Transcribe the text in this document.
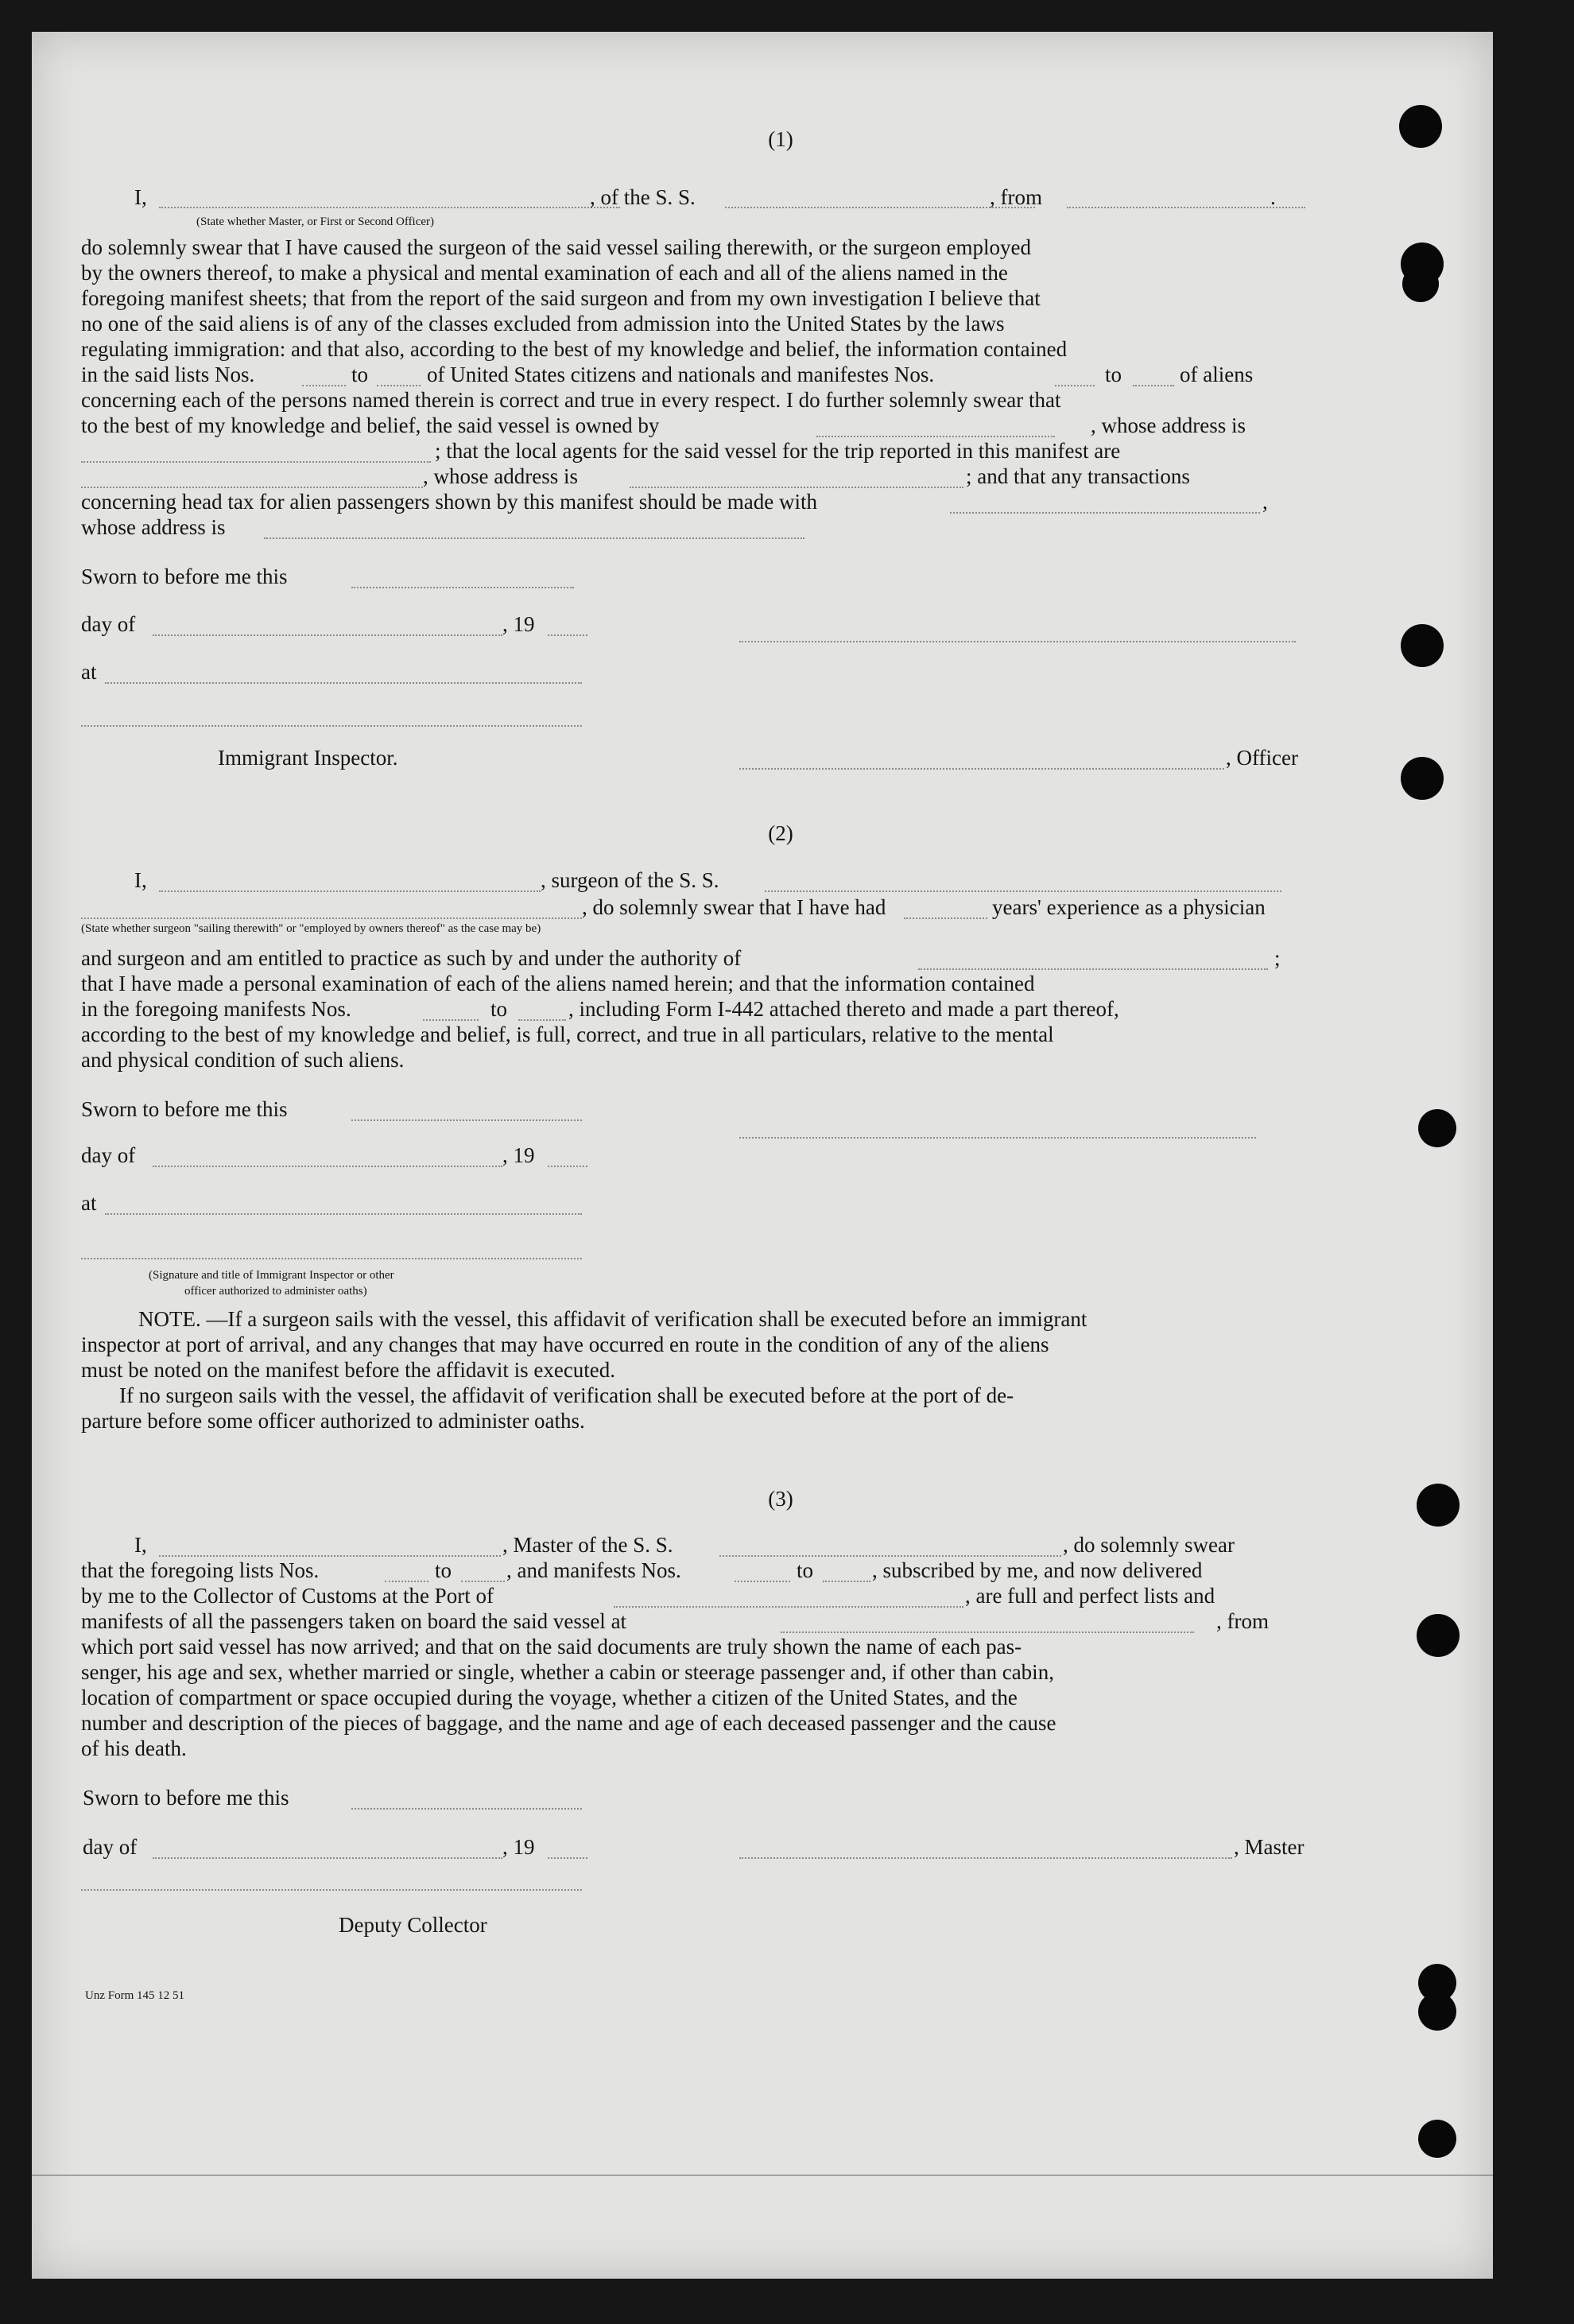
(1)
I,	, of the S. S.	, from	.
(State whether Master, or First or Second Officer)
do solemnly swear that I have caused the surgeon of the said vessel sailing therewith, or the surgeon employed
by the owners thereof, to make a physical and mental examination of each and all of the aliens named in the
foregoing manifest sheets; that from the report of the said surgeon and from my own investigation I believe that
no one of the said aliens is of any of the classes excluded from admission into the United States by the laws
regulating immigration: and that also, according to the best of my knowledge and belief, the information contained
in the said lists Nos.	to	of United States citizens and nationals and manifestes Nos.	to	of aliens
concerning each of the persons named therein is correct and true in every respect. I do further solemnly swear that
to the best of my knowledge and belief, the said vessel is owned by	, whose address is
; that the local agents for the said vessel for the trip reported in this manifest are
, whose address is	; and that any transactions
concerning head tax for alien passengers shown by this manifest should be made with	,
whose address is
Sworn to before me this
day of	, 19
at
Immigrant Inspector.	, Officer
(2)
I,	, surgeon of the S. S.
, do solemnly swear that I have had	years' experience as a physician
(State whether surgeon "sailing therewith" or "employed by owners thereof" as the case may be)
and surgeon and am entitled to practice as such by and under the authority of	;
that I have made a personal examination of each of the aliens named herein; and that the information contained
in the foregoing manifests Nos.	to	, including Form I-442 attached thereto and made a part thereof,
according to the best of my knowledge and belief, is full, correct, and true in all particulars, relative to the mental
and physical condition of such aliens.
Sworn to before me this
day of	, 19
at
(Signature and title of Immigrant Inspector or other
officer authorized to administer oaths)
NOTE. —If a surgeon sails with the vessel, this affidavit of verification shall be executed before an immigrant
inspector at port of arrival, and any changes that may have occurred en route in the condition of any of the aliens
must be noted on the manifest before the affidavit is executed.
If no surgeon sails with the vessel, the affidavit of verification shall be executed before at the port of de-
parture before some officer authorized to administer oaths.
(3)
I,	, Master of the S. S.	, do solemnly swear
that the foregoing lists Nos.	to	, and manifests Nos.	to	, subscribed by me, and now delivered
by me to the Collector of Customs at the Port of	, are full and perfect lists and
manifests of all the passengers taken on board the said vessel at	, from
which port said vessel has now arrived; and that on the said documents are truly shown the name of each pas-
senger, his age and sex, whether married or single, whether a cabin or steerage passenger and, if other than cabin,
location of compartment or space occupied during the voyage, whether a citizen of the United States, and the
number and description of the pieces of baggage, and the name and age of each deceased passenger and the cause
of his death.
Sworn to before me this
day of	, 19	, Master
Deputy Collector
Unz Form 145 12 51
